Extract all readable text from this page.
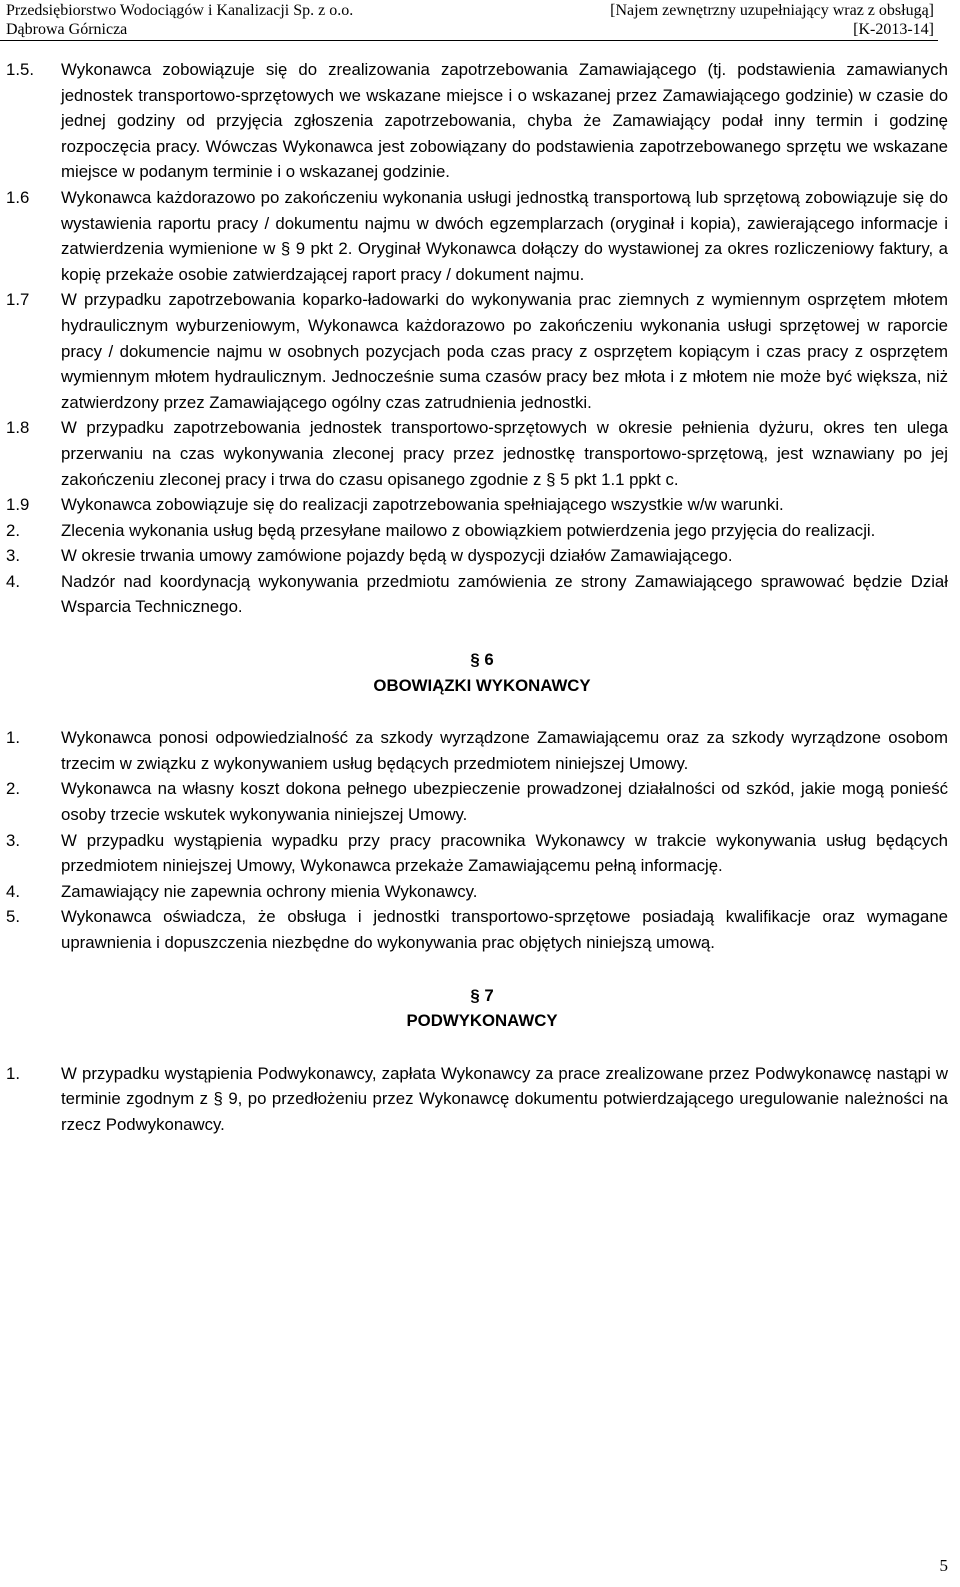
Przedsiębiorstwo Wodociągów i Kanalizacji Sp. z o.o.
Dąbrowa Górnicza
[Najem zewnętrzny uzupełniający wraz z obsługą]
[K-2013-14]
1.5. Wykonawca zobowiązuje się do zrealizowania zapotrzebowania Zamawiającego (tj. podstawienia zamawianych jednostek transportowo-sprzętowych we wskazane miejsce i o wskazanej przez Zamawiającego godzinie) w czasie do jednej godziny od przyjęcia zgłoszenia zapotrzebowania, chyba że Zamawiający podał inny termin i godzinę rozpoczęcia pracy. Wówczas Wykonawca jest zobowiązany do podstawienia zapotrzebowanego sprzętu we wskazane miejsce w podanym terminie i o wskazanej godzinie.
1.6 Wykonawca każdorazowo po zakończeniu wykonania usługi jednostką transportową lub sprzętową zobowiązuje się do wystawienia raportu pracy / dokumentu najmu w dwóch egzemplarzach (oryginał i kopia), zawierającego informacje i zatwierdzenia wymienione w § 9 pkt 2. Oryginał Wykonawca dołączy do wystawionej za okres rozliczeniowy faktury, a kopię przekaże osobie zatwierdzającej raport pracy / dokument najmu.
1.7 W przypadku zapotrzebowania koparko-ładowarki do wykonywania prac ziemnych z wymiennym osprzętem młotem hydraulicznym wyburzeniowym, Wykonawca każdorazowo po zakończeniu wykonania usługi sprzętowej w raporcie pracy / dokumencie najmu w osobnych pozycjach poda czas pracy z osprzętem kopiącym i czas pracy z osprzętem wymiennym młotem hydraulicznym. Jednocześnie suma czasów pracy bez młota i z młotem nie może być większa, niż zatwierdzony przez Zamawiającego ogólny czas zatrudnienia jednostki.
1.8 W przypadku zapotrzebowania jednostek transportowo-sprzętowych w okresie pełnienia dyżuru, okres ten ulega przerwaniu na czas wykonywania zleconej pracy przez jednostkę transportowo-sprzętową, jest wznawiany po jej zakończeniu zleconej pracy i trwa do czasu opisanego zgodnie z § 5 pkt 1.1 ppkt c.
1.9 Wykonawca zobowiązuje się do realizacji zapotrzebowania spełniającego wszystkie w/w warunki.
2. Zlecenia wykonania usług będą przesyłane mailowo z obowiązkiem potwierdzenia jego przyjęcia do realizacji.
3. W okresie trwania umowy zamówione pojazdy będą w dyspozycji działów Zamawiającego.
4. Nadzór nad koordynacją wykonywania przedmiotu zamówienia ze strony Zamawiającego sprawować będzie Dział Wsparcia Technicznego.
§ 6
OBOWIĄZKI WYKONAWCY
1. Wykonawca ponosi odpowiedzialność za szkody wyrządzone Zamawiającemu oraz za szkody wyrządzone osobom trzecim w związku z wykonywaniem usług będących przedmiotem niniejszej Umowy.
2. Wykonawca na własny koszt dokona pełnego ubezpieczenie prowadzonej działalności od szkód, jakie mogą ponieść osoby trzecie wskutek wykonywania niniejszej Umowy.
3. W przypadku wystąpienia wypadku przy pracy pracownika Wykonawcy w trakcie wykonywania usług będących przedmiotem niniejszej Umowy, Wykonawca przekaże Zamawiającemu pełną informację.
4. Zamawiający nie zapewnia ochrony mienia Wykonawcy.
5. Wykonawca oświadcza, że obsługa i jednostki transportowo-sprzętowe posiadają kwalifikacje oraz wymagane uprawnienia i dopuszczenia niezbędne do wykonywania prac objętych niniejszą umową.
§ 7
PODWYKONAWCY
1. W przypadku wystąpienia Podwykonawcy, zapłata Wykonawcy za prace zrealizowane przez Podwykonawcę nastąpi w terminie zgodnym z § 9, po przedłożeniu przez Wykonawcę dokumentu potwierdzającego uregulowanie należności na rzecz Podwykonawcy.
5
